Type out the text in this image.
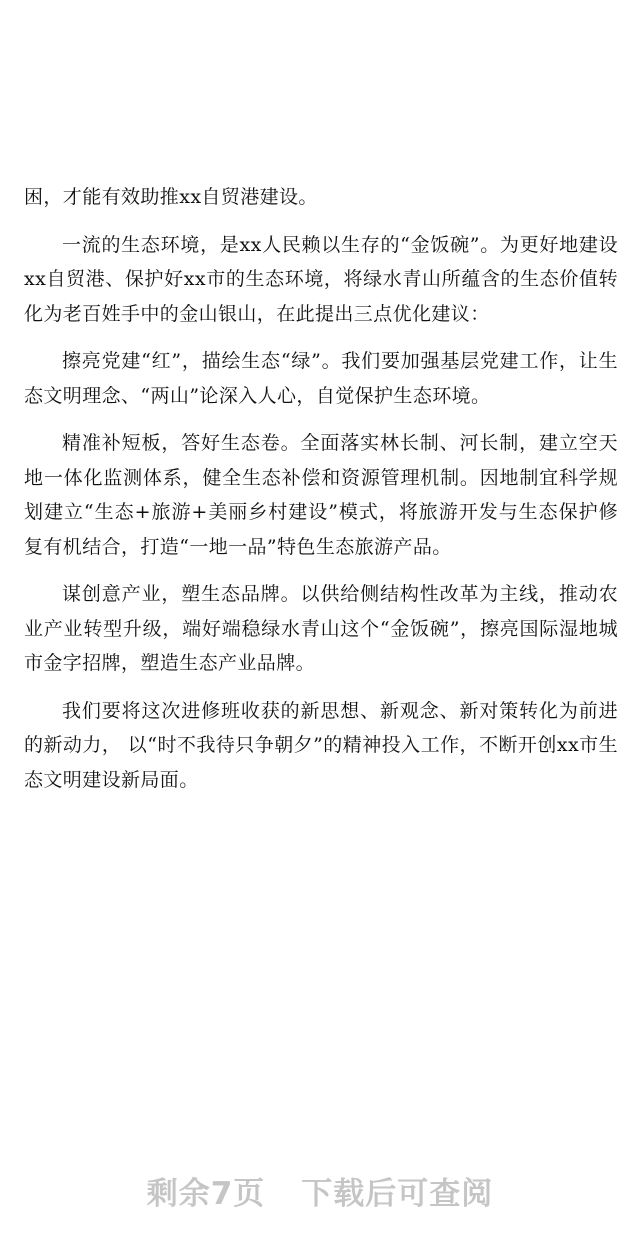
困，才能有效助推xx自贸港建设。

一流的生态环境，是xx人民赖以生存的“金饭碗”。为更好地建设xx自贸港、保护好xx市的生态环境，将绿水青山所蕴含的生态价值转化为老百姓手中的金山银山，在此提出三点优化建议：

擦亮党建“红”，描绘生态“绿”。我们要加强基层党建工作，让生态文明理念、“两山”论深入人心，自觉保护生态环境。

精准补短板，答好生态卷。全面落实林长制、河长制，建立空天地一体化监测体系，健全生态补偿和资源管理机制。因地制宜科学规划建立“生态+旅游+美丽乡村建设”模式，将旅游开发与生态保护修复有机结合，打造“一地一品”特色生态旅游产品。

谋创意产业，塑生态品牌。以供给侧结构性改革为主线，推动农业产业转型升级，端好端稳绿水青山这个“金饭碗”，擦亮国际湿地城市金字招牌，塑造生态产业品牌。

我们要将这次进修班收获的新思想、新观念、新对策转化为前进的新动力， 以“时不我待只争朝夕”的精神投入工作，不断开创xx市生态文明建设新局面。

剩余7页 下载后可查阅
